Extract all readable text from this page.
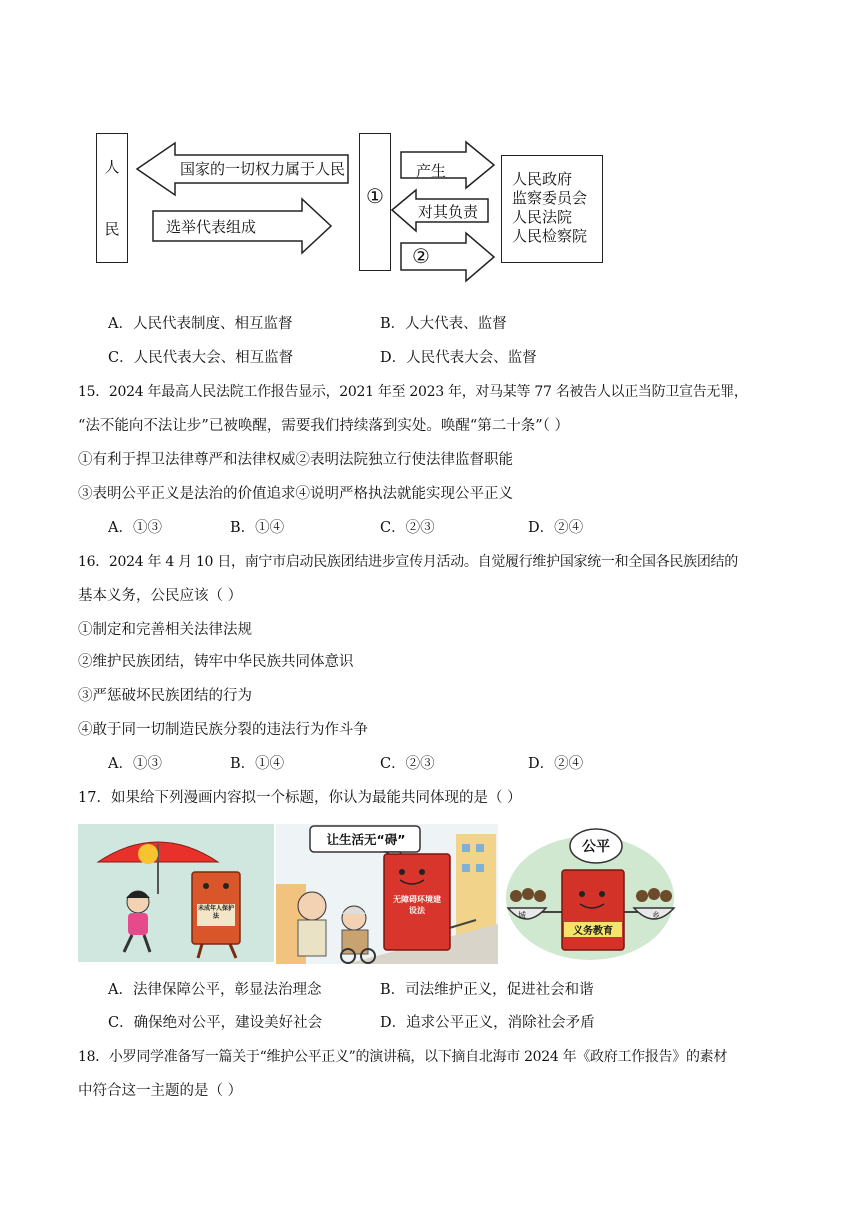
人
民
国家的一切权力属于人民
选举代表组成
①
产生
对其负责
②
人民政府
监察委员会
人民法院
人民检察院
A．人民代表制度、相互监督	B．人大代表、监督
C．人民代表大会、相互监督	D．人民代表大会、监督
15．2024 年最高人民法院工作报告显示，2021 年至 2023 年，对马某等 77 名被告人以正当防卫宣告无罪，
“法不能向不法让步”已被唤醒，需要我们持续落到实处。唤醒“第二十条”（ ）
①有利于捍卫法律尊严和法律权威②表明法院独立行使法律监督职能
③表明公平正义是法治的价值追求④说明严格执法就能实现公平正义
A．①③	B．①④	C．②③	D．②④
16．2024 年 4 月 10 日，南宁市启动民族团结进步宣传月活动。自觉履行维护国家统一和全国各民族团结的
基本义务，公民应该（ ）
①制定和完善相关法律法规
②维护民族团结，铸牢中华民族共同体意识
③严惩破坏民族团结的行为
④敢于同一切制造民族分裂的违法行为作斗争
A．①③	B．①④	C．②③	D．②④
17．如果给下列漫画内容拟一个标题，你认为最能共同体现的是（ ）
未成年人保护法
让生活无“碍”
无障碍环境建设法
公平
义务教育
城	乡
A．法律保障公平，彰显法治理念	B．司法维护正义，促进社会和谐
C．确保绝对公平，建设美好社会	D．追求公平正义，消除社会矛盾
18．小罗同学准备写一篇关于“维护公平正义”的演讲稿，以下摘自北海市 2024 年《政府工作报告》的素材
中符合这一主题的是（ ）
